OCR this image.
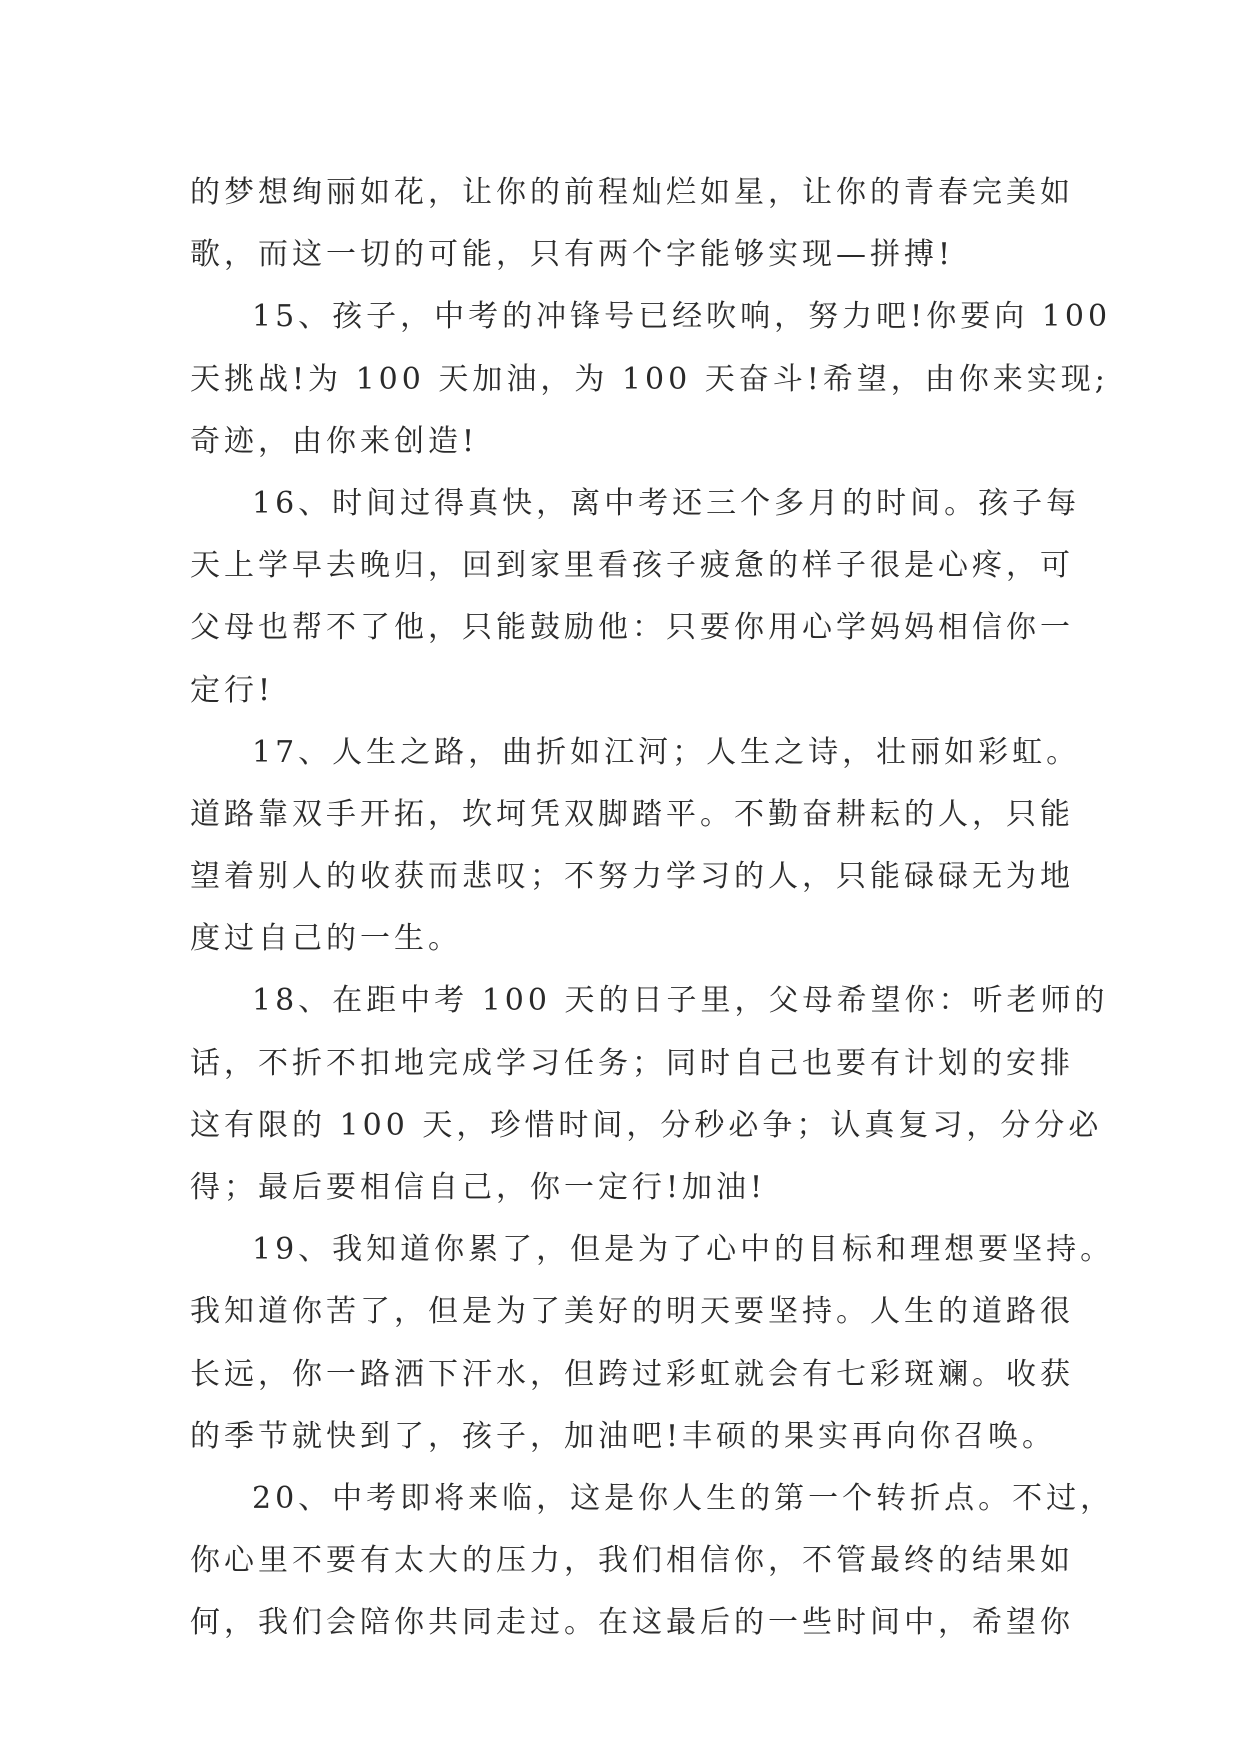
的梦想绚丽如花，让你的前程灿烂如星，让你的青春完美如
歌，而这一切的可能，只有两个字能够实现—拼搏!

15、孩子，中考的冲锋号已经吹响，努力吧!你要向 100
天挑战!为 100 天加油，为 100 天奋斗!希望，由你来实现;
奇迹，由你来创造!

16、时间过得真快，离中考还三个多月的时间。孩子每
天上学早去晚归，回到家里看孩子疲惫的样子很是心疼，可
父母也帮不了他，只能鼓励他：只要你用心学妈妈相信你一
定行!

17、人生之路，曲折如江河；人生之诗，壮丽如彩虹。
道路靠双手开拓，坎坷凭双脚踏平。不勤奋耕耘的人，只能
望着别人的收获而悲叹；不努力学习的人，只能碌碌无为地
度过自己的一生。

18、在距中考 100 天的日子里，父母希望你：听老师的
话，不折不扣地完成学习任务；同时自己也要有计划的安排
这有限的 100 天，珍惜时间，分秒必争；认真复习，分分必
得；最后要相信自己，你一定行!加油!

19、我知道你累了，但是为了心中的目标和理想要坚持。
我知道你苦了，但是为了美好的明天要坚持。人生的道路很
长远，你一路洒下汗水，但跨过彩虹就会有七彩斑斓。收获
的季节就快到了，孩子，加油吧!丰硕的果实再向你召唤。

20、中考即将来临，这是你人生的第一个转折点。不过，
你心里不要有太大的压力，我们相信你，不管最终的结果如
何，我们会陪你共同走过。在这最后的一些时间中，希望你
